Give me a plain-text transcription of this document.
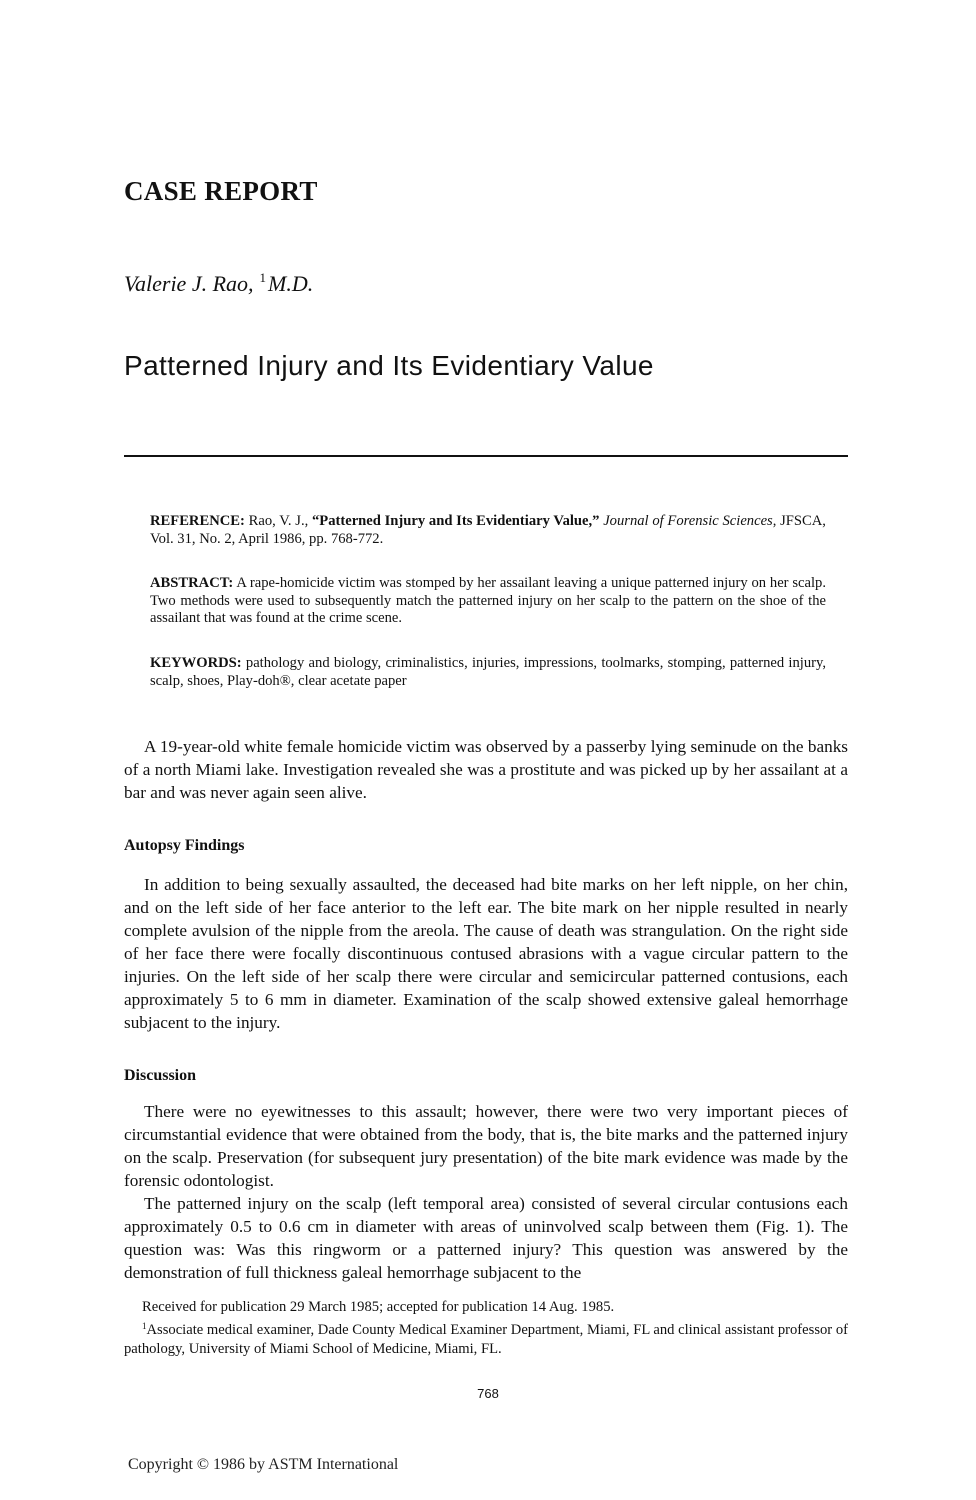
CASE REPORT
Valerie J. Rao, $^1$M.D.
Patterned Injury and Its Evidentiary Value
REFERENCE: Rao, V. J., “Patterned Injury and Its Evidentiary Value,” Journal of Forensic Sciences, JFSCA, Vol. 31, No. 2, April 1986, pp. 768-772.
ABSTRACT: A rape-homicide victim was stomped by her assailant leaving a unique patterned injury on her scalp. Two methods were used to subsequently match the patterned injury on her scalp to the pattern on the shoe of the assailant that was found at the crime scene.
KEYWORDS: pathology and biology, criminalistics, injuries, impressions, toolmarks, stomping, patterned injury, scalp, shoes, Play-doh®, clear acetate paper

A 19-year-old white female homicide victim was observed by a passerby lying seminude on the banks of a north Miami lake. Investigation revealed she was a prostitute and was picked up by her assailant at a bar and was never again seen alive.

Autopsy Findings

In addition to being sexually assaulted, the deceased had bite marks on her left nipple, on her chin, and on the left side of her face anterior to the left ear. The bite mark on her nipple resulted in nearly complete avulsion of the nipple from the areola. The cause of death was strangulation. On the right side of her face there were focally discontinuous contused abrasions with a vague circular pattern to the injuries. On the left side of her scalp there were circular and semicircular patterned contusions, each approximately 5 to 6 mm in diameter. Examination of the scalp showed extensive galeal hemorrhage subjacent to the injury.

Discussion

There were no eyewitnesses to this assault; however, there were two very important pieces of circumstantial evidence that were obtained from the body, that is, the bite marks and the patterned injury on the scalp. Preservation (for subsequent jury presentation) of the bite mark evidence was made by the forensic odontologist.

The patterned injury on the scalp (left temporal area) consisted of several circular contusions each approximately 0.5 to 0.6 cm in diameter with areas of uninvolved scalp between them (Fig. 1). The question was: Was this ringworm or a patterned injury? This question was answered by the demonstration of full thickness galeal hemorrhage subjacent to the

Received for publication 29 March 1985; accepted for publication 14 Aug. 1985.

$^1$Associate medical examiner, Dade County Medical Examiner Department, Miami, FL and clinical assistant professor of pathology, University of Miami School of Medicine, Miami, FL.

768
Copyright © 1986 by ASTM International
